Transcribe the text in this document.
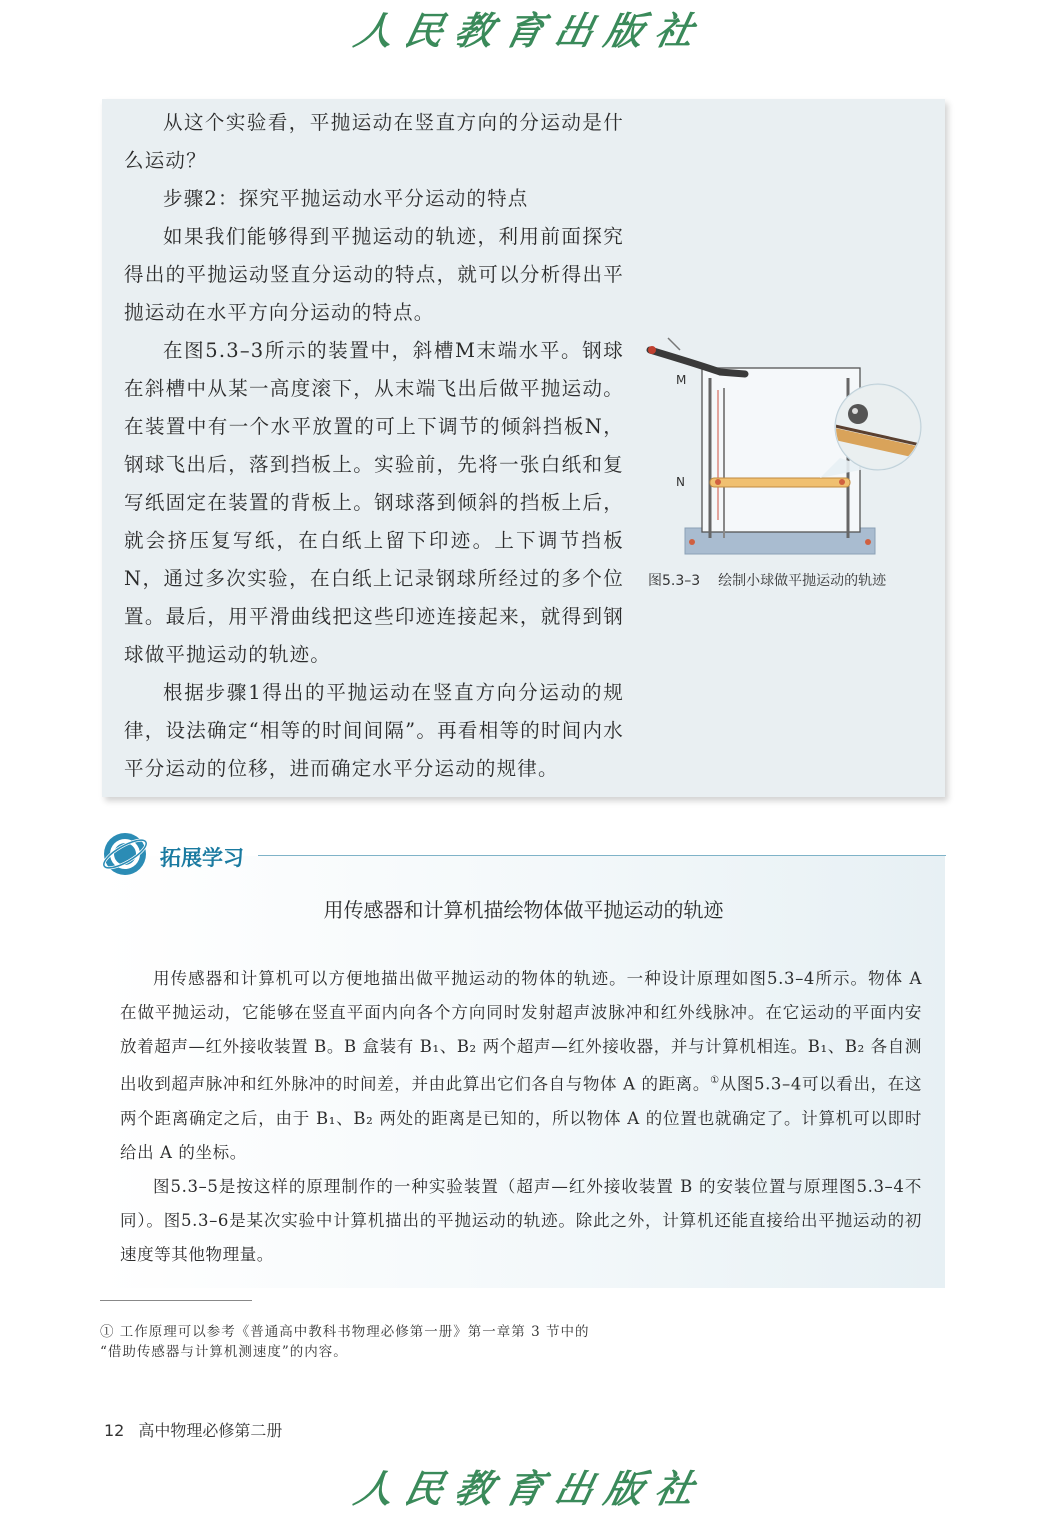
人民教育出版社

从这个实验看，平抛运动在竖直方向的分运动是什么运动？

步骤2：探究平抛运动水平分运动的特点

如果我们能够得到平抛运动的轨迹，利用前面探究得出的平抛运动竖直分运动的特点，就可以分析得出平抛运动在水平方向分运动的特点。

在图5.3–3所示的装置中，斜槽M末端水平。钢球在斜槽中从某一高度滚下，从末端飞出后做平抛运动。在装置中有一个水平放置的可上下调节的倾斜挡板N，钢球飞出后，落到挡板上。实验前，先将一张白纸和复写纸固定在装置的背板上。钢球落到倾斜的挡板上后，就会挤压复写纸，在白纸上留下印迹。上下调节挡板N，通过多次实验，在白纸上记录钢球所经过的多个位置。最后，用平滑曲线把这些印迹连接起来，就得到钢球做平抛运动的轨迹。

根据步骤1得出的平抛运动在竖直方向分运动的规律，设法确定“相等的时间间隔”。再看相等的时间内水平分运动的位移，进而确定水平分运动的规律。

M
N
图5.3–3 绘制小球做平抛运动的轨迹
拓展学习
用传感器和计算机描绘物体做平抛运动的轨迹

用传感器和计算机可以方便地描出做平抛运动的物体的轨迹。一种设计原理如图5.3–4所示。物体 A 在做平抛运动，它能够在竖直平面内向各个方向同时发射超声波脉冲和红外线脉冲。在它运动的平面内安放着超声—红外接收装置 B。B 盒装有 B₁、B₂ 两个超声—红外接收器，并与计算机相连。B₁、B₂ 各自测出收到超声脉冲和红外脉冲的时间差，并由此算出它们各自与物体 A 的距离。①从图5.3–4可以看出，在这两个距离确定之后，由于 B₁、B₂ 两处的距离是已知的，所以物体 A 的位置也就确定了。计算机可以即时给出 A 的坐标。

图5.3–5是按这样的原理制作的一种实验装置（超声—红外接收装置 B 的安装位置与原理图5.3–4不同）。图5.3–6是某次实验中计算机描出的平抛运动的轨迹。除此之外，计算机还能直接给出平抛运动的初速度等其他物理量。

① 工作原理可以参考《普通高中教科书物理必修第一册》第一章第 3 节中的
“借助传感器与计算机测速度”的内容。
12 高中物理必修第二册
人民教育出版社
